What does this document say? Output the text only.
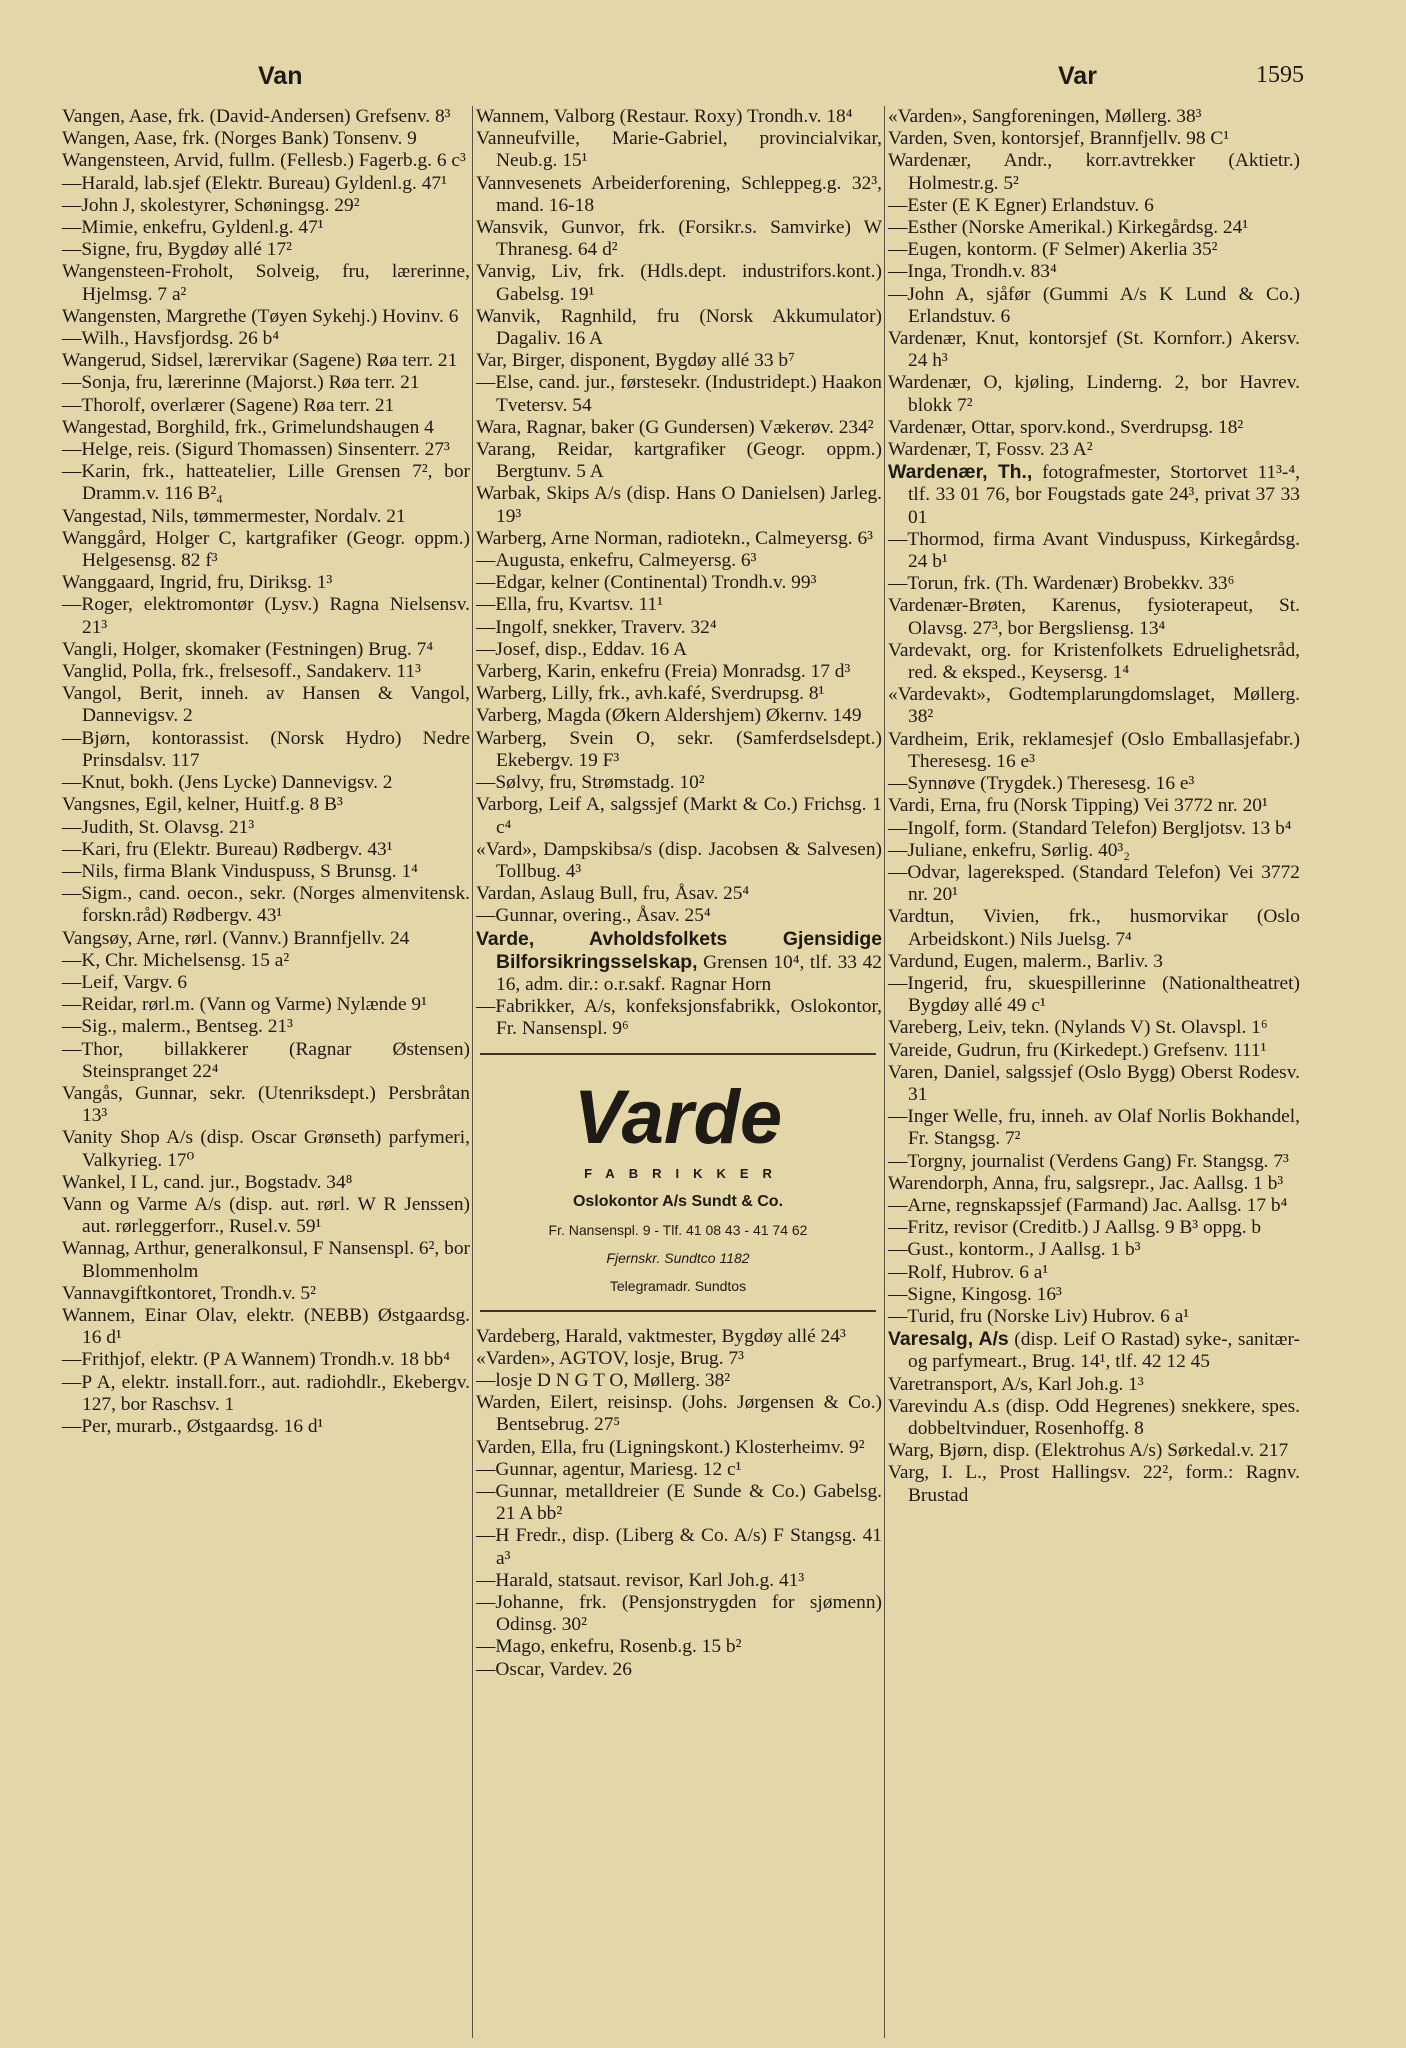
Van	Var	1595
Vangen, Aase, frk. (David-Andersen) Grefsenv. 8³
Wangen, Aase, frk. (Norges Bank) Tonsenv. 9
Wangensteen, Arvid, fullm. (Fellesb.) Fagerb.g. 6 c³
—Harald, lab.sjef (Elektr. Bureau) Gyldenl.g. 47¹
—John J, skolestyrer, Schøningsg. 29²
—Mimie, enkefru, Gyldenl.g. 47¹
—Signe, fru, Bygdøy allé 17²
Wangensteen-Froholt, Solveig, fru, lærerinne, Hjelmsg. 7 a²
Wangensten, Margrethe (Tøyen Sykehj.) Hovinv. 6
—Wilh., Havsfjordsg. 26 b⁴
Wangerud, Sidsel, lærervikar (Sagene) Røa terr. 21
—Sonja, fru, lærerinne (Majorst.) Røa terr. 21
—Thorolf, overlærer (Sagene) Røa terr. 21
Wangestad, Borghild, frk., Grimelundshaugen 4
—Helge, reis. (Sigurd Thomassen) Sinsenterr. 27³
—Karin, frk., hatteatelier, Lille Grensen 7², bor Dramm.v. 116 B²₄
Vangestad, Nils, tømmermester, Nordalv. 21
Wanggård, Holger C, kartgrafiker (Geogr. oppm.) Helgesensg. 82 f³
Wanggaard, Ingrid, fru, Diriksg. 1³
—Roger, elektromontør (Lysv.) Ragna Nielsensv. 21³
Vangli, Holger, skomaker (Festningen) Brug. 7⁴
Vanglid, Polla, frk., frelsesoff., Sandakerv. 11³
Vangol, Berit, inneh. av Hansen & Vangol, Dannevigsv. 2
—Bjørn, kontorassist. (Norsk Hydro) Nedre Prinsdalsv. 117
—Knut, bokh. (Jens Lycke) Dannevigsv. 2
Vangsnes, Egil, kelner, Huitf.g. 8 B³
—Judith, St. Olavsg. 21³
—Kari, fru (Elektr. Bureau) Rødbergv. 43¹
—Nils, firma Blank Vinduspuss, S Brunsg. 1⁴
—Sigm., cand. oecon., sekr. (Norges almenvitensk. forskn.råd) Rødbergv. 43¹
Vangsøy, Arne, rørl. (Vannv.) Brannfjellv. 24
—K, Chr. Michelsensg. 15 a²
—Leif, Vargv. 6
—Reidar, rørl.m. (Vann og Varme) Nylænde 9¹
—Sig., malerm., Bentseg. 21³
—Thor, billakkerer (Ragnar Østensen) Steinspranget 22⁴
Vangås, Gunnar, sekr. (Utenriksdept.) Persbråtan 13³
Vanity Shop A/s (disp. Oscar Grønseth) parfymeri, Valkyrieg. 17⁰
Wankel, I L, cand. jur., Bogstadv. 34⁸
Vann og Varme A/s (disp. aut. rørl. W R Jenssen) aut. rørleggerforr., Rusel.v. 59¹
Wannag, Arthur, generalkonsul, F Nansenspl. 6², bor Blommenholm
Vannavgiftkontoret, Trondh.v. 5²
Wannem, Einar Olav, elektr. (NEBB) Østgaardsg. 16 d¹
—Frithjof, elektr. (P A Wannem) Trondh.v. 18 bb⁴
—P A, elektr. install.forr., aut. radiohdlr., Ekebergv. 127, bor Raschsv. 1
—Per, murarb., Østgaardsg. 16 d¹
Wannem, Valborg (Restaur. Roxy) Trondh.v. 18⁴
Vanneufville, Marie-Gabriel, provincialvikar, Neub.g. 15¹
Vannvesenets Arbeiderforening, Schleppeg.g. 32³, mand. 16-18
Wansvik, Gunvor, frk. (Forsikr.s. Samvirke) W Thranesg. 64 d²
Vanvig, Liv, frk. (Hdls.dept. industrifors.kont.) Gabelsg. 19¹
Wanvik, Ragnhild, fru (Norsk Akkumulator) Dagaliv. 16 A
Var, Birger, disponent, Bygdøy allé 33 b⁷
—Else, cand. jur., førstesekr. (Industridept.) Haakon Tvetersv. 54
Wara, Ragnar, baker (G Gundersen) Vækerøv. 234²
Varang, Reidar, kartgrafiker (Geogr. oppm.) Bergtunv. 5 A
Warbak, Skips A/s (disp. Hans O Danielsen) Jarleg. 19³
Warberg, Arne Norman, radiotekn., Calmeyersg. 6³
—Augusta, enkefru, Calmeyersg. 6³
—Edgar, kelner (Continental) Trondh.v. 99³
—Ella, fru, Kvartsv. 11¹
—Ingolf, snekker, Traverv. 32⁴
—Josef, disp., Eddav. 16 A
Varberg, Karin, enkefru (Freia) Monradsg. 17 d³
Warberg, Lilly, frk., avh.kafé, Sverdrupsg. 8¹
Varberg, Magda (Økern Aldershjem) Økernv. 149
Warberg, Svein O, sekr. (Samferdselsdept.) Ekebergv. 19 F³
—Sølvy, fru, Strømstadg. 10²
Varborg, Leif A, salgssjef (Markt & Co.) Frichsg. 1 c⁴
«Vard», Dampskibsa/s (disp. Jacobsen & Salvesen) Tollbug. 4³
Vardan, Aslaug Bull, fru, Åsav. 25⁴
—Gunnar, overing., Åsav. 25⁴
Varde, Avholdsfolkets Gjensidige Bilforsikringsselskap, Grensen 10⁴, tlf. 33 42 16, adm. dir.: o.r.sakf. Ragnar Horn
—Fabrikker, A/s, konfeksjonsfabrikk, Oslokontor, Fr. Nansenspl. 9⁶
Varde
FABRIKKER
Oslokontor A/s Sundt & Co.
Fr. Nansenspl. 9 - Tlf. 41 08 43 - 41 74 62
Fjernskr. Sundtco 1182
Telegramadr. Sundtos
Vardeberg, Harald, vaktmester, Bygdøy allé 24³
«Varden», AGTOV, losje, Brug. 7³
—losje D N G T O, Møllerg. 38²
Warden, Eilert, reisinsp. (Johs. Jørgensen & Co.) Bentsebrug. 27⁵
Varden, Ella, fru (Ligningskont.) Klosterheimv. 9²
—Gunnar, agentur, Mariesg. 12 c¹
—Gunnar, metalldreier (E Sunde & Co.) Gabelsg. 21 A bb²
—H Fredr., disp. (Liberg & Co. A/s) F Stangsg. 41 a³
—Harald, statsaut. revisor, Karl Joh.g. 41³
—Johanne, frk. (Pensjonstrygden for sjømenn) Odinsg. 30²
—Mago, enkefru, Rosenb.g. 15 b²
—Oscar, Vardev. 26
«Varden», Sangforeningen, Møllerg. 38³
Varden, Sven, kontorsjef, Brannfjellv. 98 C¹
Wardenær, Andr., korr.avtrekker (Aktietr.) Holmestr.g. 5²
—Ester (E K Egner) Erlandstuv. 6
—Esther (Norske Amerikal.) Kirkegårdsg. 24¹
—Eugen, kontorm. (F Selmer) Akerlia 35²
—Inga, Trondh.v. 83⁴
—John A, sjåfør (Gummi A/s K Lund & Co.) Erlandstuv. 6
Vardenær, Knut, kontorsjef (St. Kornforr.) Akersv. 24 h³
Wardenær, O, kjøling, Linderng. 2, bor Havrev. blokk 7²
Vardenær, Ottar, sporv.kond., Sverdrupsg. 18²
Wardenær, T, Fossv. 23 A²
Wardenær, Th., fotografmester, Stortorvet 11³-⁴, tlf. 33 01 76, bor Fougstads gate 24³, privat 37 33 01
—Thormod, firma Avant Vinduspuss, Kirkegårdsg. 24 b¹
—Torun, frk. (Th. Wardenær) Brobekkv. 33⁶
Vardenær-Brøten, Karenus, fysioterapeut, St. Olavsg. 27³, bor Bergsliensg. 13⁴
Vardevakt, org. for Kristenfolkets Edruelighetsråd, red. & eksped., Keysersg. 1⁴
«Vardevakt», Godtemplarungdomslaget, Møllerg. 38²
Vardheim, Erik, reklamesjef (Oslo Emballasjefabr.) Theresesg. 16 e³
—Synnøve (Trygdek.) Theresesg. 16 e³
Vardi, Erna, fru (Norsk Tipping) Vei 3772 nr. 20¹
—Ingolf, form. (Standard Telefon) Bergljotsv. 13 b⁴
—Juliane, enkefru, Sørlig. 40³₂
—Odvar, lagereksped. (Standard Telefon) Vei 3772 nr. 20¹
Vardtun, Vivien, frk., husmorvikar (Oslo Arbeidskont.) Nils Juelsg. 7⁴
Vardund, Eugen, malerm., Barliv. 3
—Ingerid, fru, skuespillerinne (Nationaltheatret) Bygdøy allé 49 c¹
Vareberg, Leiv, tekn. (Nylands V) St. Olavspl. 1⁶
Vareide, Gudrun, fru (Kirkedept.) Grefsenv. 111¹
Varen, Daniel, salgssjef (Oslo Bygg) Oberst Rodesv. 31
—Inger Welle, fru, inneh. av Olaf Norlis Bokhandel, Fr. Stangsg. 7²
—Torgny, journalist (Verdens Gang) Fr. Stangsg. 7³
Warendorph, Anna, fru, salgsrepr., Jac. Aallsg. 1 b³
—Arne, regnskapssjef (Farmand) Jac. Aallsg. 17 b⁴
—Fritz, revisor (Creditb.) J Aallsg. 9 B³ oppg. b
—Gust., kontorm., J Aallsg. 1 b³
—Rolf, Hubrov. 6 a¹
—Signe, Kingosg. 16³
—Turid, fru (Norske Liv) Hubrov. 6 a¹
Varesalg, A/s (disp. Leif O Rastad) syke-, sanitær- og parfymeart., Brug. 14¹, tlf. 42 12 45
Varetransport, A/s, Karl Joh.g. 1³
Varevindu A.s (disp. Odd Hegrenes) snekkere, spes. dobbeltvinduer, Rosenhoffg. 8
Warg, Bjørn, disp. (Elektrohus A/s) Sørkedal.v. 217
Varg, I. L., Prost Hallingsv. 22², form.: Ragnv. Brustad
